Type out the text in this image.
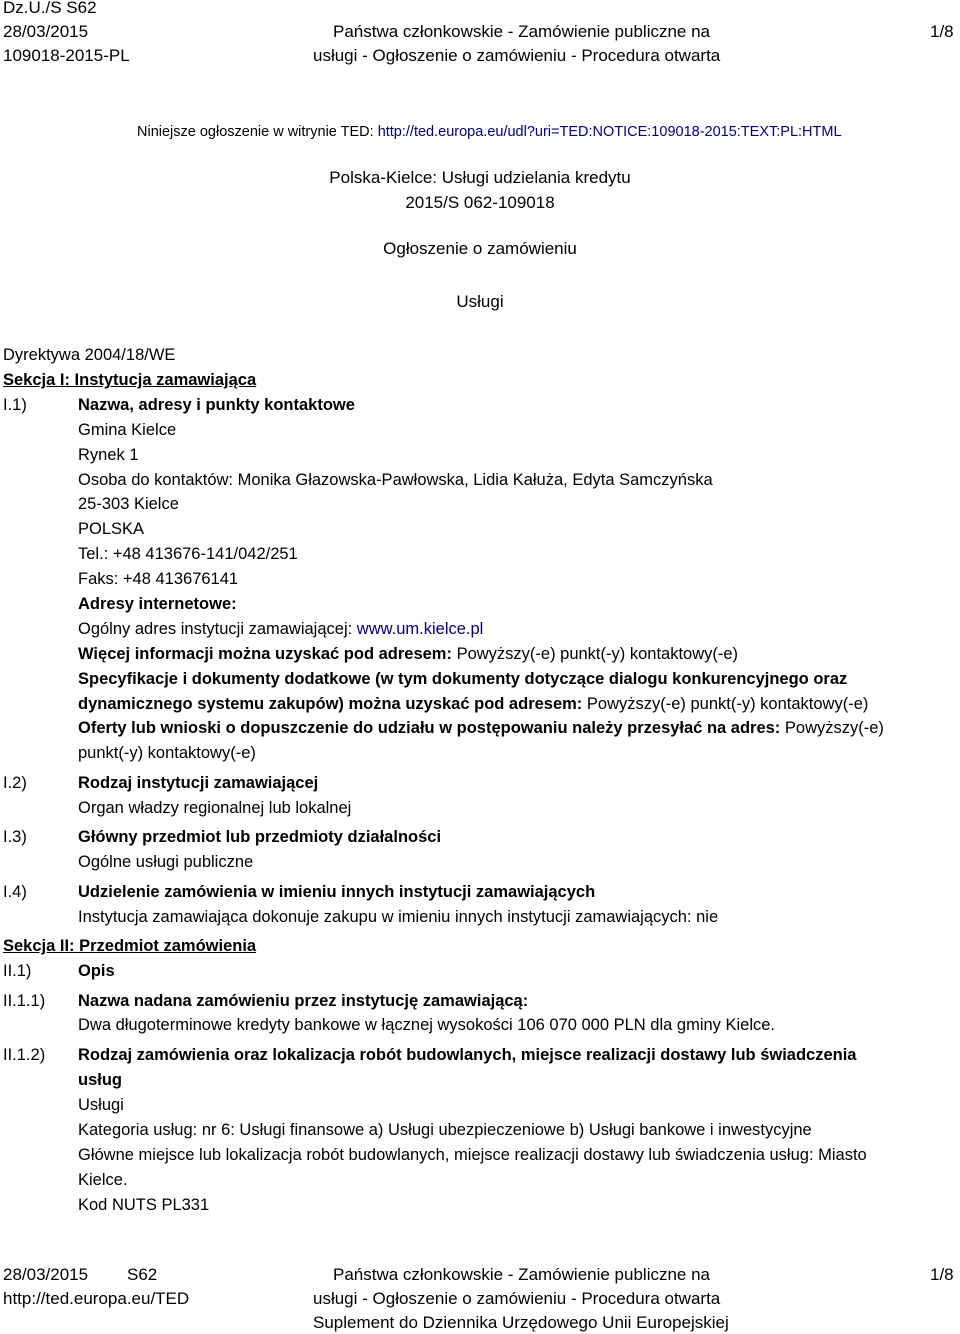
Dz.U./S S62
28/03/2015
109018-2015-PL
Państwa członkowskie - Zamówienie publiczne na
usługi - Ogłoszenie o zamówieniu - Procedura otwarta
1/8
Niniejsze ogłoszenie w witrynie TED: http://ted.europa.eu/udl?uri=TED:NOTICE:109018-2015:TEXT:PL:HTML
Polska-Kielce: Usługi udzielania kredytu
2015/S 062-109018
Ogłoszenie o zamówieniu
Usługi
Dyrektywa 2004/18/WE
Sekcja I: Instytucja zamawiająca
I.1)	Nazwa, adresy i punkty kontaktowe
Gmina Kielce
Rynek 1
Osoba do kontaktów: Monika Głazowska-Pawłowska, Lidia Kałuża, Edyta Samczyńska
25-303 Kielce
POLSKA
Tel.: +48 413676-141/042/251
Faks: +48 413676141
Adresy internetowe:
Ogólny adres instytucji zamawiającej: www.um.kielce.pl
Więcej informacji można uzyskać pod adresem: Powyższy(-e) punkt(-y) kontaktowy(-e)
Specyfikacje i dokumenty dodatkowe (w tym dokumenty dotyczące dialogu konkurencyjnego oraz
dynamicznego systemu zakupów) można uzyskać pod adresem: Powyższy(-e) punkt(-y) kontaktowy(-e)
Oferty lub wnioski o dopuszczenie do udziału w postępowaniu należy przesyłać na adres: Powyższy(-e)
punkt(-y) kontaktowy(-e)
I.2)	Rodzaj instytucji zamawiającej
Organ władzy regionalnej lub lokalnej
I.3)	Główny przedmiot lub przedmioty działalności
Ogólne usługi publiczne
I.4)	Udzielenie zamówienia w imieniu innych instytucji zamawiających
Instytucja zamawiająca dokonuje zakupu w imieniu innych instytucji zamawiających: nie
Sekcja II: Przedmiot zamówienia
II.1)	Opis
II.1.1) Nazwa nadana zamówieniu przez instytucję zamawiającą:
Dwa długoterminowe kredyty bankowe w łącznej wysokości 106 070 000 PLN dla gminy Kielce.
II.1.2) Rodzaj zamówienia oraz lokalizacja robót budowlanych, miejsce realizacji dostawy lub świadczenia
usług
Usługi
Kategoria usług: nr 6: Usługi finansowe a) Usługi ubezpieczeniowe b) Usługi bankowe i inwestycyjne
Główne miejsce lub lokalizacja robót budowlanych, miejsce realizacji dostawy lub świadczenia usług: Miasto
Kielce.
Kod NUTS PL331
28/03/2015 S62
http://ted.europa.eu/TED
Państwa członkowskie - Zamówienie publiczne na
usługi - Ogłoszenie o zamówieniu - Procedura otwarta
Suplement do Dziennika Urzędowego Unii Europejskiej
1/8
